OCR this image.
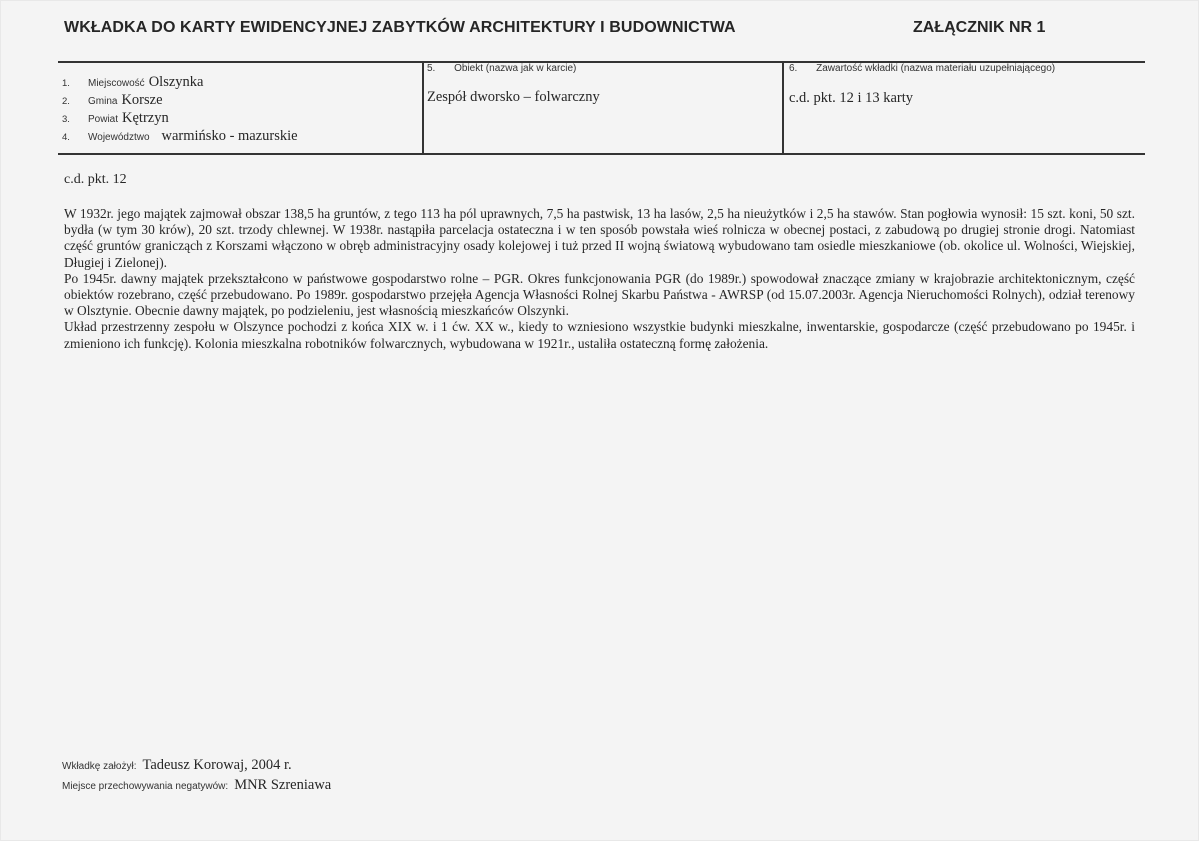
WKŁADKA DO KARTY EWIDENCYJNEJ ZABYTKÓW ARCHITEKTURY I BUDOWNICTWA	ZAŁĄCZNIK NR 1
1.	Miejscowość Olszynka
2.	Gmina Korsze
3.	Powiat Kętrzyn
4.	Województwo warmińsko - mazurskie
5. Obiekt (nazwa jak w karcie)
Zespół dworsko – folwarczny
6. Zawartość wkładki (nazwa materiału uzupełniającego)
c.d. pkt. 12 i 13 karty
c.d. pkt. 12

W 1932r. jego majątek zajmował obszar 138,5 ha gruntów, z tego 113 ha pól uprawnych, 7,5 ha pastwisk, 13 ha lasów, 2,5 ha nieużytków i 2,5 ha stawów. Stan pogłowia wynosił: 15 szt. koni, 50 szt. bydła (w tym 30 krów), 20 szt. trzody chlewnej. W 1938r. nastąpiła parcelacja ostateczna i w ten sposób powstała wieś rolnicza w obecnej postaci, z zabudową po drugiej stronie drogi. Natomiast część gruntów granicząch z Korszami włączono w obręb administracyjny osady kolejowej i tuż przed II wojną światową wybudowano tam osiedle mieszkaniowe (ob. okolice ul. Wolności, Wiejskiej, Długiej i Zielonej).

Po 1945r. dawny majątek przekształcono w państwowe gospodarstwo rolne – PGR. Okres funkcjonowania PGR (do 1989r.) spowodował znaczące zmiany w krajobrazie architektonicznym, część obiektów rozebrano, część przebudowano. Po 1989r. gospodarstwo przejęła Agencja Własności Rolnej Skarbu Państwa - AWRSP (od 15.07.2003r. Agencja Nieruchomości Rolnych), odział terenowy w Olsztynie. Obecnie dawny majątek, po podzieleniu, jest własnością mieszkańców Olszynki.

Układ przestrzenny zespołu w Olszynce pochodzi z końca XIX w. i 1 ćw. XX w., kiedy to wzniesiono wszystkie budynki mieszkalne, inwentarskie, gospodarcze (część przebudowano po 1945r. i zmieniono ich funkcję). Kolonia mieszkalna robotników folwarcznych, wybudowana w 1921r., ustaliła ostateczną formę założenia.

Wkładkę założył: Tadeusz Korowaj, 2004 r.
Miejsce przechowywania negatywów: MNR Szreniawa
